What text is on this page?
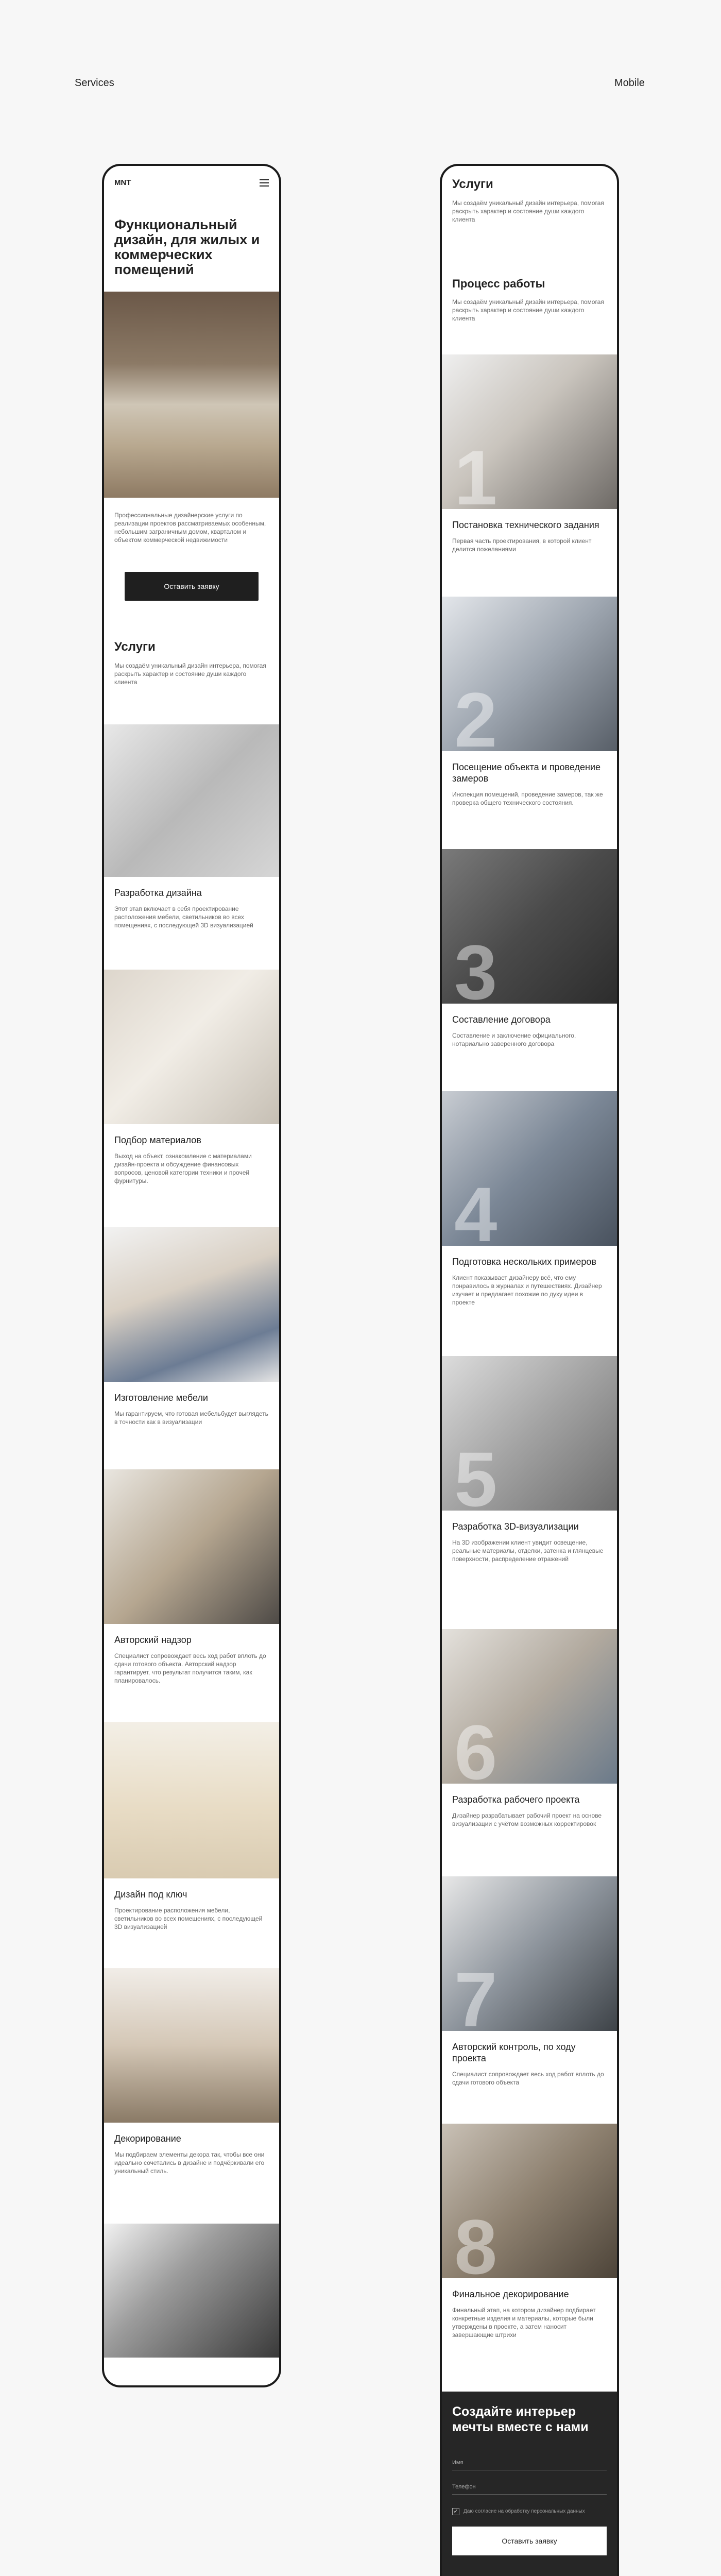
Services	Mobile
MNT
Функциональный дизайн, для жилых и коммерческих помещений

Профессиональные дизайнерские услуги по реализации проектов рассматриваемых особенным, небольшим заграничным домом, кварталом и объектом коммерческой недвижимости

Оставить заявку
Услуги

Мы создаём уникальный дизайн интерьера, помогая раскрыть характер и состояние души каждого клиента

Разработка дизайна

Этот этап включает в себя проектирование расположения мебели, светильников во всех помещениях, с последующей 3D визуализацией

Подбор материалов

Выход на объект, ознакомление с материалами дизайн-проекта и обсуждение финансовых вопросов, ценовой категории техники и прочей фурнитуры.

Изготовление мебели

Мы гарантируем, что готовая мебельбудет выглядеть в точности как в визуализации

Авторский надзор

Специалист сопровождает весь ход работ вплоть до сдачи готового объекта. Авторский надзор гарантирует, что результат получится таким, как планировалось.

Дизайн под ключ

Проектирование расположения мебели, светильников во всех помещениях, с последующей 3D визуализацией

Декорирование

Мы подбираем элементы декора так, чтобы все они идеально сочетались в дизайне и подчёркивали его уникальный стиль.

Услуги

Мы создаём уникальный дизайн интерьера, помогая раскрыть характер и состояние души каждого клиента

Процесс работы

Мы создаём уникальный дизайн интерьера, помогая раскрыть характер и состояние души каждого клиента

1
Постановка технического задания

Первая часть проектирования, в которой клиент делится пожеланиями

2
Посещение объекта и проведение замеров

Инспекция помещений, проведение замеров, так же проверка общего технического состояния.

3
Составление договора

Составление и заключение официального, нотариально заверенного договора

4
Подготовка нескольких примеров

Клиент показывает дизайнеру всё, что ему понравилось в журналах и путешествиях. Дизайнер изучает и предлагает похожие по духу идеи в проекте

5
Разработка 3D-визуализации

На 3D изображении клиент увидит освещение, реальные материалы, отделки, затенка и глянцевые поверхности, распределение отражений

6
Разработка рабочего проекта

Дизайнер разрабатывает рабочий проект на основе визуализации с учётом возможных корректировок

7
Авторский контроль, по ходу проекта

Специалист сопровождает весь ход работ вплоть до сдачи готового объекта

8
Финальное декорирование

Финальный этап, на котором дизайнер подбирает конкретные изделия и материалы, которые были утверждены в проекте, а затем наносит завершающие штрихи

Создайте интерьер мечты вместе с нами
Имя
Телефон
✓ Даю согласие на обработку персональных данных
Оставить заявку
